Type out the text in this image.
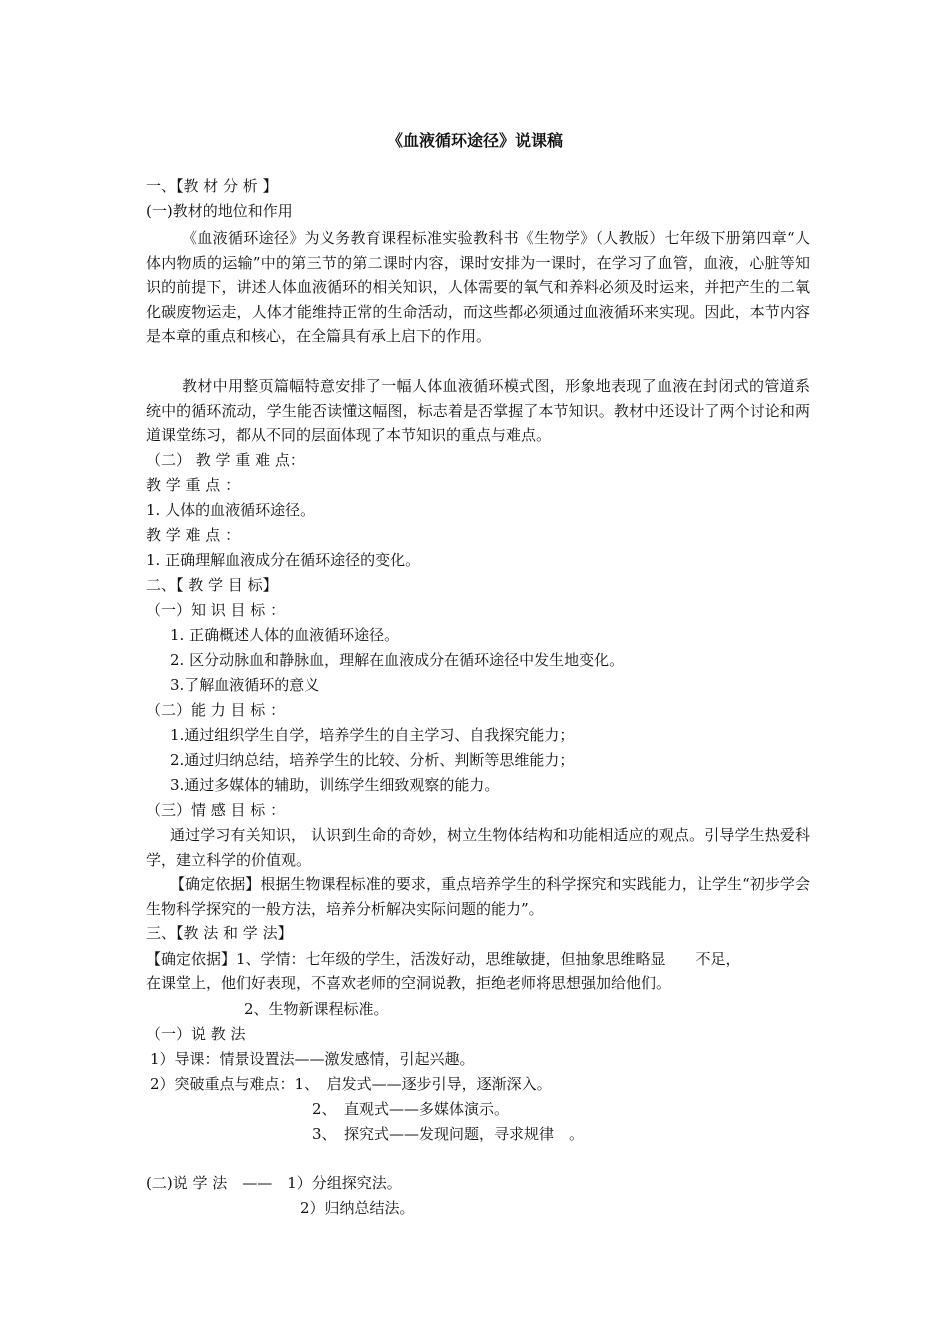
《血液循环途径》说课稿
一、【教 材 分 析 】
(一)教材的地位和作用

《血液循环途径》为义务教育课程标准实验教科书《生物学》（人教版）七年级下册第四章“人体内物质的运输”中的第三节的第二课时内容，课时安排为一课时，在学习了血管，血液，心脏等知识的前提下，讲述人体血液循环的相关知识，人体需要的氧气和养料必须及时运来，并把产生的二氧化碳废物运走，人体才能维持正常的生命活动，而这些都必须通过血液循环来实现。因此，本节内容是本章的重点和核心，在全篇具有承上启下的作用。

教材中用整页篇幅特意安排了一幅人体血液循环模式图，形象地表现了血液在封闭式的管道系统中的循环流动，学生能否读懂这幅图，标志着是否掌握了本节知识。教材中还设计了两个讨论和两道课堂练习，都从不同的层面体现了本节知识的重点与难点。

（二） 教 学 重 难 点：
教 学 重 点 ：
1. 人体的血液循环途径。
教 学 难 点 ：
1. 正确理解血液成分在循环途径的变化。
二、【 教 学 目 标】
（一）知 识 目 标 ：
1. 正确概述人体的血液循环途径。
2. 区分动脉血和静脉血，理解在血液成分在循环途径中发生地变化。
3.了解血液循环的意义
（二）能 力 目 标 ：
1.通过组织学生自学，培养学生的自主学习、自我探究能力；
2.通过归纳总结，培养学生的比较、分析、判断等思维能力；
3.通过多媒体的辅助，训练学生细致观察的能力。
（三）情 感 目 标 ：

通过学习有关知识， 认识到生命的奇妙，树立生物体结构和功能相适应的观点。引导学生热爱科学，建立科学的价值观。

【确定依据】根据生物课程标准的要求，重点培养学生的科学探究和实践能力，让学生“初步学会生物科学探究的一般方法，培养分析解决实际问题的能力”。

三、【教 法 和 学 法】
【确定依据】1、学情：七年级的学生，活泼好动，思维敏捷，但抽象思维略显　　不足，
在课堂上，他们好表现，不喜欢老师的空洞说教，拒绝老师将思想强加给他们。
2、生物新课程标准。
（一）说 教 法
1）导课：情景设置法——激发感情，引起兴趣。
2）突破重点与难点：1、　启发式——逐步引导，逐渐深入。
2、　直观式——多媒体演示。
3、　探究式——发现问题，寻求规律　。
(二)说 学 法　——　1）分组探究法。
2）归纳总结法。
